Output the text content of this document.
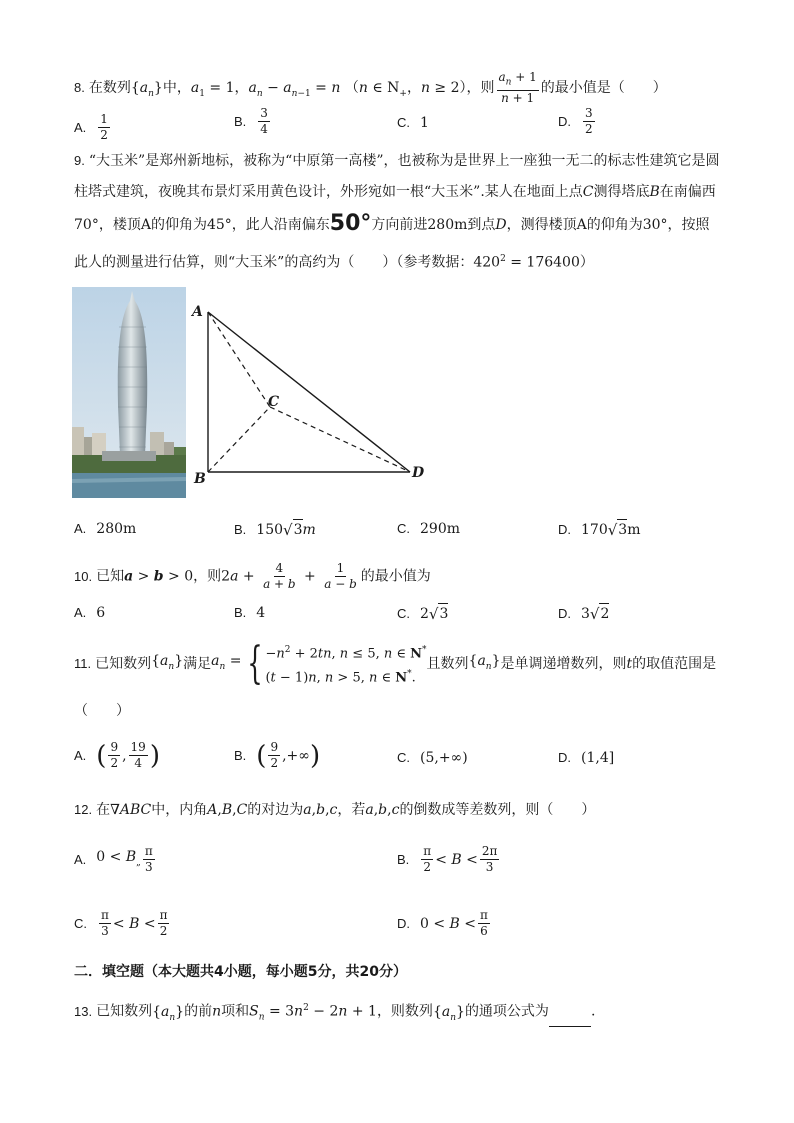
8. 在数列$\{a_n\}$中，$a_1 = 1$，$a_n - a_{n-1} = n$ （n ∈ $N_+$，n ≥ 2），则 $\frac{a_n + 1}{n + 1}$ 的最小值是（　　）
A. $\frac{1}{2}$	B. $\frac{3}{4}$	C. 1	D. $\frac{3}{2}$
9. “大玉米”是郑州新地标，被称为“中原第一高楼”，也被称为是世界上一座独一无二的标志性建筑它是圆
柱塔式建筑，夜晚其布景灯采用黄色设计，外形宛如一根“大玉米”.某人在地面上点C测得塔底B在南偏西
70°，楼顶A的仰角为45°，此人沿南偏东50°方向前进280m到点D，测得楼顶A的仰角为30°，按照
此人的测量进行估算，则“大玉米”的高约为（　　）（参考数据：$420^2 = 176400$）
A
B
C
D
A. 280m	B. 150 √ 3 m	C. 290m	D. 170 √ 3 m
10. 已知a > b > 0，则$2a + \frac{4}{a + b} + \frac{1}{a - b}$ 的最小值为
A. 6	B. 4	C. 2 √ 3	D. 3 √ 2
11. 已知数列 $\{a_n\}$ 满足 $a_n$ = { $-n^2 + 2tn$, n ≤ 5, n ∈ N*
(t − 1)n, n > 5, n ∈ N*.
且数列 $\{a_n\}$ 是单调递增数列，则 t 的取值范围是
（　　）
A. ( $\frac{9}{2}$ , $\frac{19}{4}$ )	B. ( $\frac{9}{2}$ ,+∞ )	C. (5,+∞)	D. (1,4]
12. 在∇ABC中，内角A,B,C的对边为a,b,c，若a,b,c的倒数成等差数列，则（　　）
A. $0 < B_„ \frac{\pi}{3}$	B. $\frac{\pi}{2} < B < \frac{2\pi}{3}$
C. $\frac{\pi}{3} < B < \frac{\pi}{2}$	D. $0 < B < \frac{\pi}{6}$
二．填空题（本大题共4小题，每小题5分，共20分）
13. 已知数列$\{a_n\}$的前n项和$S_n = 3n^2 - 2n + 1$，则数列$\{a_n\}$的通项公式为	.
